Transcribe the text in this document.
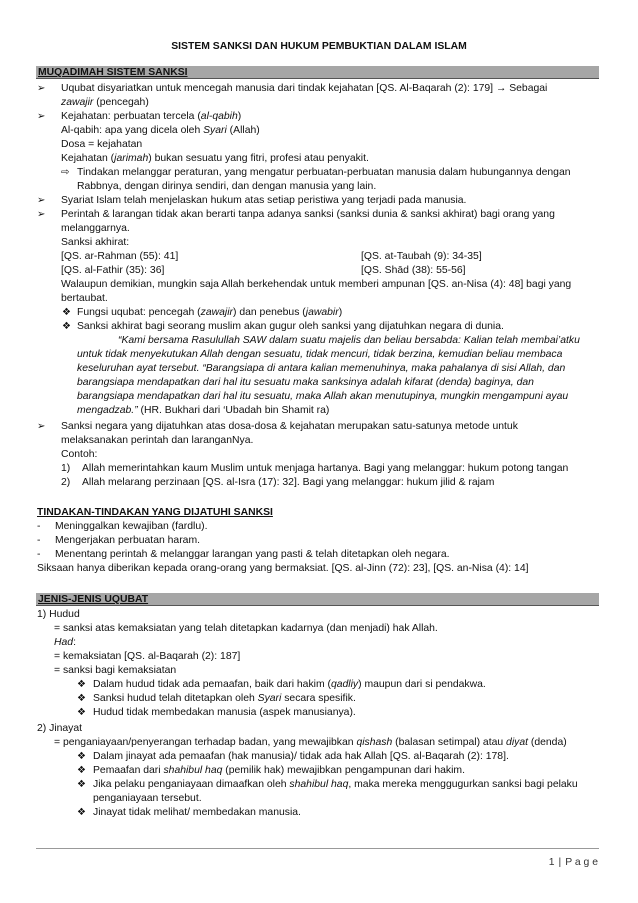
SISTEM SANKSI DAN HUKUM PEMBUKTIAN DALAM ISLAM
MUQADIMAH SISTEM SANKSI
➢ Uqubat disyariatkan untuk mencegah manusia dari tindak kejahatan [QS. Al-Baqarah (2): 179] → Sebagai
zawajir (pencegah)
➢ Kejahatan: perbuatan tercela (al-qabih)
Al-qabih: apa yang dicela oleh Syari (Allah)
Dosa = kejahatan
Kejahatan (jarimah) bukan sesuatu yang fitri, profesi atau penyakit.
⇨ Tindakan melanggar peraturan, yang mengatur perbuatan-perbuatan manusia dalam hubungannya dengan
Rabbnya, dengan dirinya sendiri, dan dengan manusia yang lain.
➢ Syariat Islam telah menjelaskan hukum atas setiap peristiwa yang terjadi pada manusia.
➢ Perintah & larangan tidak akan berarti tanpa adanya sanksi (sanksi dunia & sanksi akhirat) bagi orang yang
melanggarnya.
Sanksi akhirat:
[QS. ar-Rahman (55): 41]	[QS. at-Taubah (9): 34-35]
[QS. al-Fathir (35): 36]	[QS. Shād (38): 55-56]
Walaupun demikian, mungkin saja Allah berkehendak untuk memberi ampunan [QS. an-Nisa (4): 48] bagi yang
bertaubat.
❖ Fungsi uqubat: pencegah (zawajir) dan penebus (jawabir)
❖ Sanksi akhirat bagi seorang muslim akan gugur oleh sanksi yang dijatuhkan negara di dunia.
“Kami bersama Rasulullah SAW dalam suatu majelis dan beliau bersabda: Kalian telah membai’atku
untuk tidak menyekutukan Allah dengan sesuatu, tidak mencuri, tidak berzina, kemudian beliau membaca
keseluruhan ayat tersebut. “Barangsiapa di antara kalian memenuhinya, maka pahalanya di sisi Allah, dan
barangsiapa mendapatkan dari hal itu sesuatu maka sanksinya adalah kifarat (denda) baginya, dan
barangsiapa mendapatkan dari hal itu sesuatu, maka Allah akan menutupinya, mungkin mengampuni ayau
mengadzab.” (HR. Bukhari dari ‘Ubadah bin Shamit ra)
➢ Sanksi negara yang dijatuhkan atas dosa-dosa & kejahatan merupakan satu-satunya metode untuk
melaksanakan perintah dan laranganNya.
Contoh:
1) Allah memerintahkan kaum Muslim untuk menjaga hartanya. Bagi yang melanggar: hukum potong tangan
2) Allah melarang perzinaan [QS. al-Isra (17): 32]. Bagi yang melanggar: hukum jilid & rajam
TINDAKAN-TINDAKAN YANG DIJATUHI SANKSI
- Meninggalkan kewajiban (fardlu).
- Mengerjakan perbuatan haram.
- Menentang perintah & melanggar larangan yang pasti & telah ditetapkan oleh negara.
Siksaan hanya diberikan kepada orang-orang yang bermaksiat. [QS. al-Jinn (72): 23], [QS. an-Nisa (4): 14]
JENIS-JENIS UQUBAT
1) Hudud
= sanksi atas kemaksiatan yang telah ditetapkan kadarnya (dan menjadi) hak Allah.
Had:
= kemaksiatan [QS. al-Baqarah (2): 187]
= sanksi bagi kemaksiatan
❖ Dalam hudud tidak ada pemaafan, baik dari hakim (qadliy) maupun dari si pendakwa.
❖ Sanksi hudud telah ditetapkan oleh Syari secara spesifik.
❖ Hudud tidak membedakan manusia (aspek manusianya).
2) Jinayat
= penganiayaan/penyerangan terhadap badan, yang mewajibkan qishash (balasan setimpal) atau diyat (denda)
❖ Dalam jinayat ada pemaafan (hak manusia)/ tidak ada hak Allah [QS. al-Baqarah (2): 178].
❖ Pemaafan dari shahibul haq (pemilik hak) mewajibkan pengampunan dari hakim.
❖ Jika pelaku penganiayaan dimaafkan oleh shahibul haq, maka mereka menggugurkan sanksi bagi pelaku
penganiayaan tersebut.
❖ Jinayat tidak melihat/ membedakan manusia.
1 | P a g e
